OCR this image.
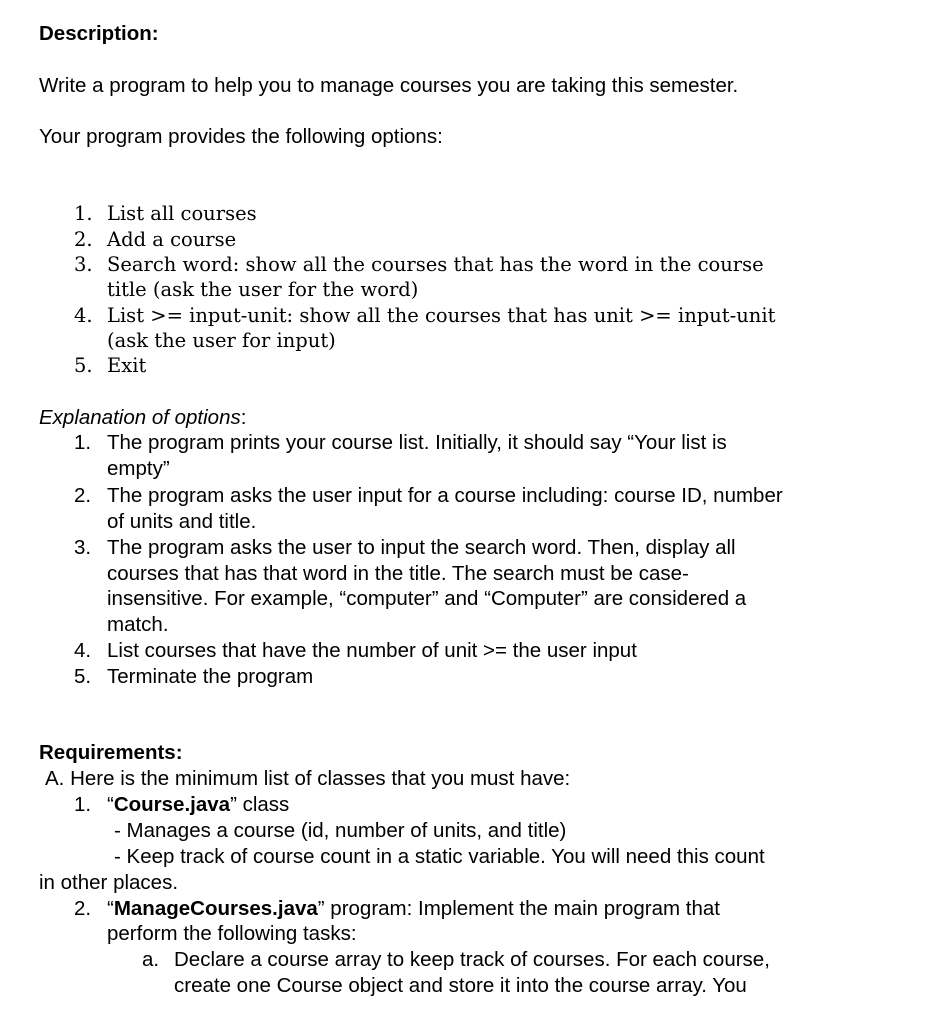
Description:
Write a program to help you to manage courses you are taking this semester.
Your program provides the following options:
1. List all courses
2. Add a course
3. Search word: show all the courses that has the word in the course
title (ask the user for the word)
4. List >= input-unit: show all the courses that has unit >= input-unit
(ask the user for input)
5. Exit
Explanation of options:
1. The program prints your course list. Initially, it should say “Your list is
empty”
2. The program asks the user input for a course including: course ID, number
of units and title.
3. The program asks the user to input the search word. Then, display all
courses that has that word in the title. The search must be case-
insensitive. For example, “computer” and “Computer” are considered a
match.
4. List courses that have the number of unit >= the user input
5. Terminate the program
Requirements:
A. Here is the minimum list of classes that you must have:
1. “Course.java” class
- Manages a course (id, number of units, and title)
- Keep track of course count in a static variable. You will need this count
in other places.
2. “ManageCourses.java” program: Implement the main program that
perform the following tasks:
a. Declare a course array to keep track of courses. For each course,
create one Course object and store it into the course array. You
